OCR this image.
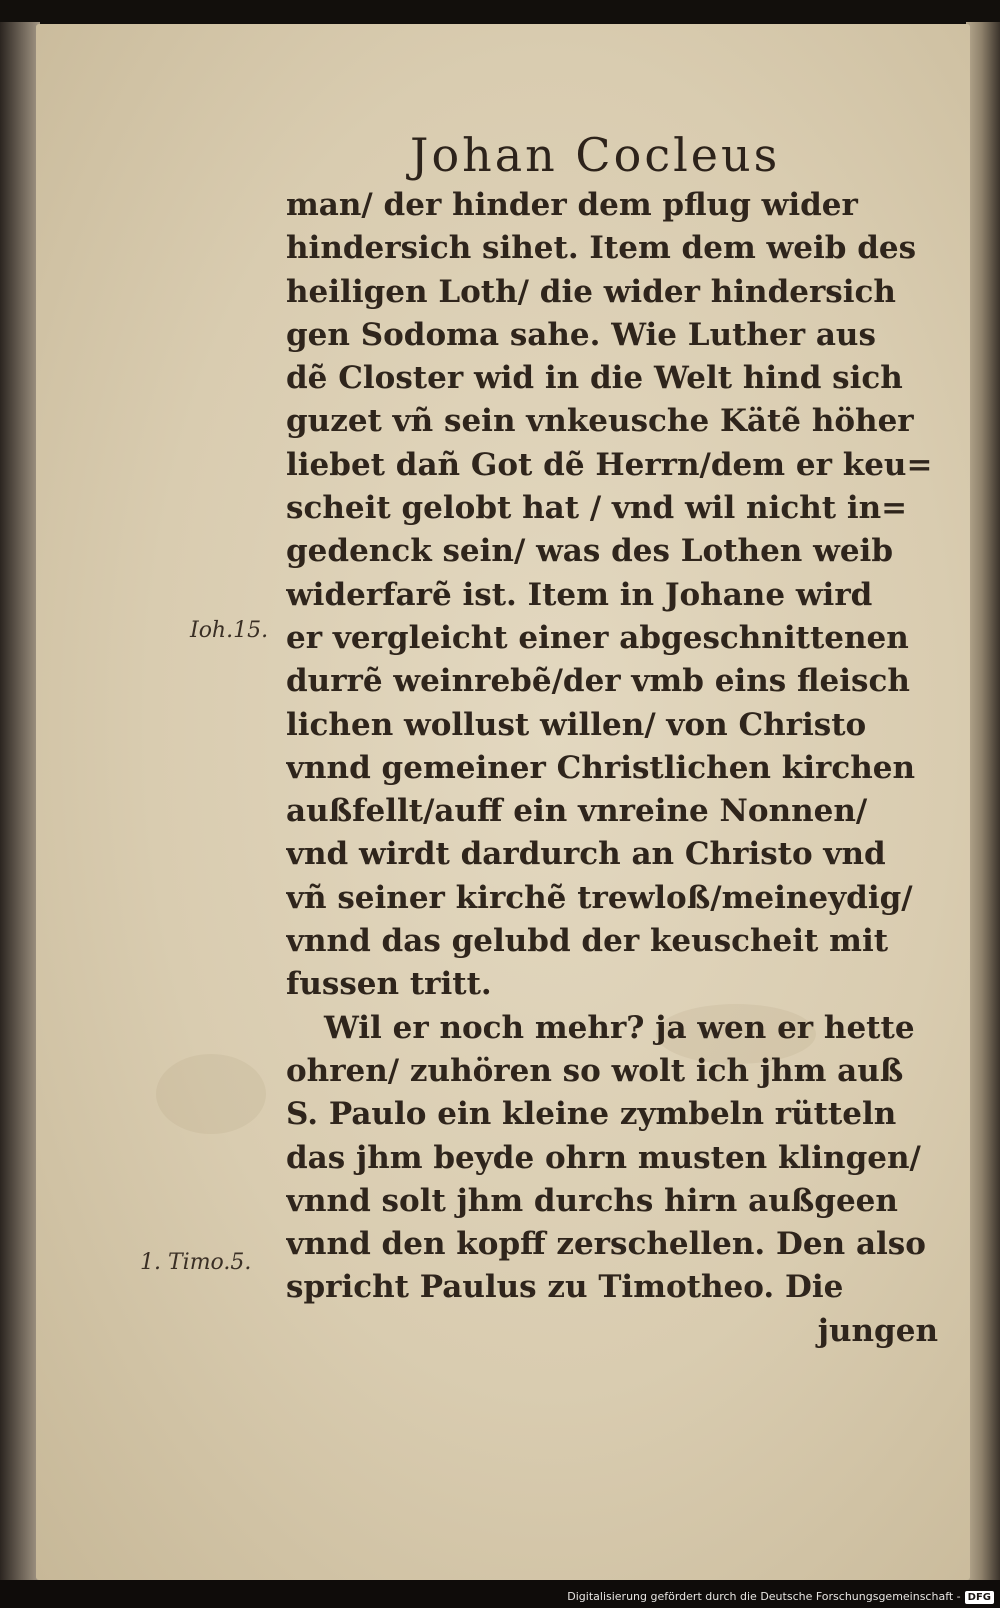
Johan Cocleus
man/ der hinder dem pflug wider
hindersich sihet. Item dem weib des
heiligen Loth/ die wider hindersich
gen Sodoma sahe. Wie Luther aus
dẽ Closter wid in die Welt hind sich
guzet vñ sein vnkeusche Kätẽ höher
liebet dañ Got dẽ Herrn/dem er keu=
scheit gelobt hat / vnd wil nicht in=
gedenck sein/ was des Lothen weib
widerfarẽ ist. Item in Johane wird
er vergleicht einer abgeschnittenen
durrẽ weinrebẽ/der vmb eins fleisch
lichen wollust willen/ von Christo
vnnd gemeiner Christlichen kirchen
außfellt/auff ein vnreine Nonnen/
vnd wirdt dardurch an Christo vnd
vñ seiner kirchẽ trewloß/meineydig/
vnnd das gelubd der keuscheit mit
fussen tritt.
Wil er noch mehr? ja wen er hette
ohren/ zuhören so wolt ich jhm auß
S. Paulo ein kleine zymbeln rütteln
das jhm beyde ohrn musten klingen/
vnnd solt jhm durchs hirn außgeen
vnnd den kopff zerschellen. Den also
spricht Paulus zu Timotheo. Die
jungen
Ioh.15.
1. Timo.5.
Digitalisierung gefördert durch die Deutsche Forschungsgemeinschaft - DFG
